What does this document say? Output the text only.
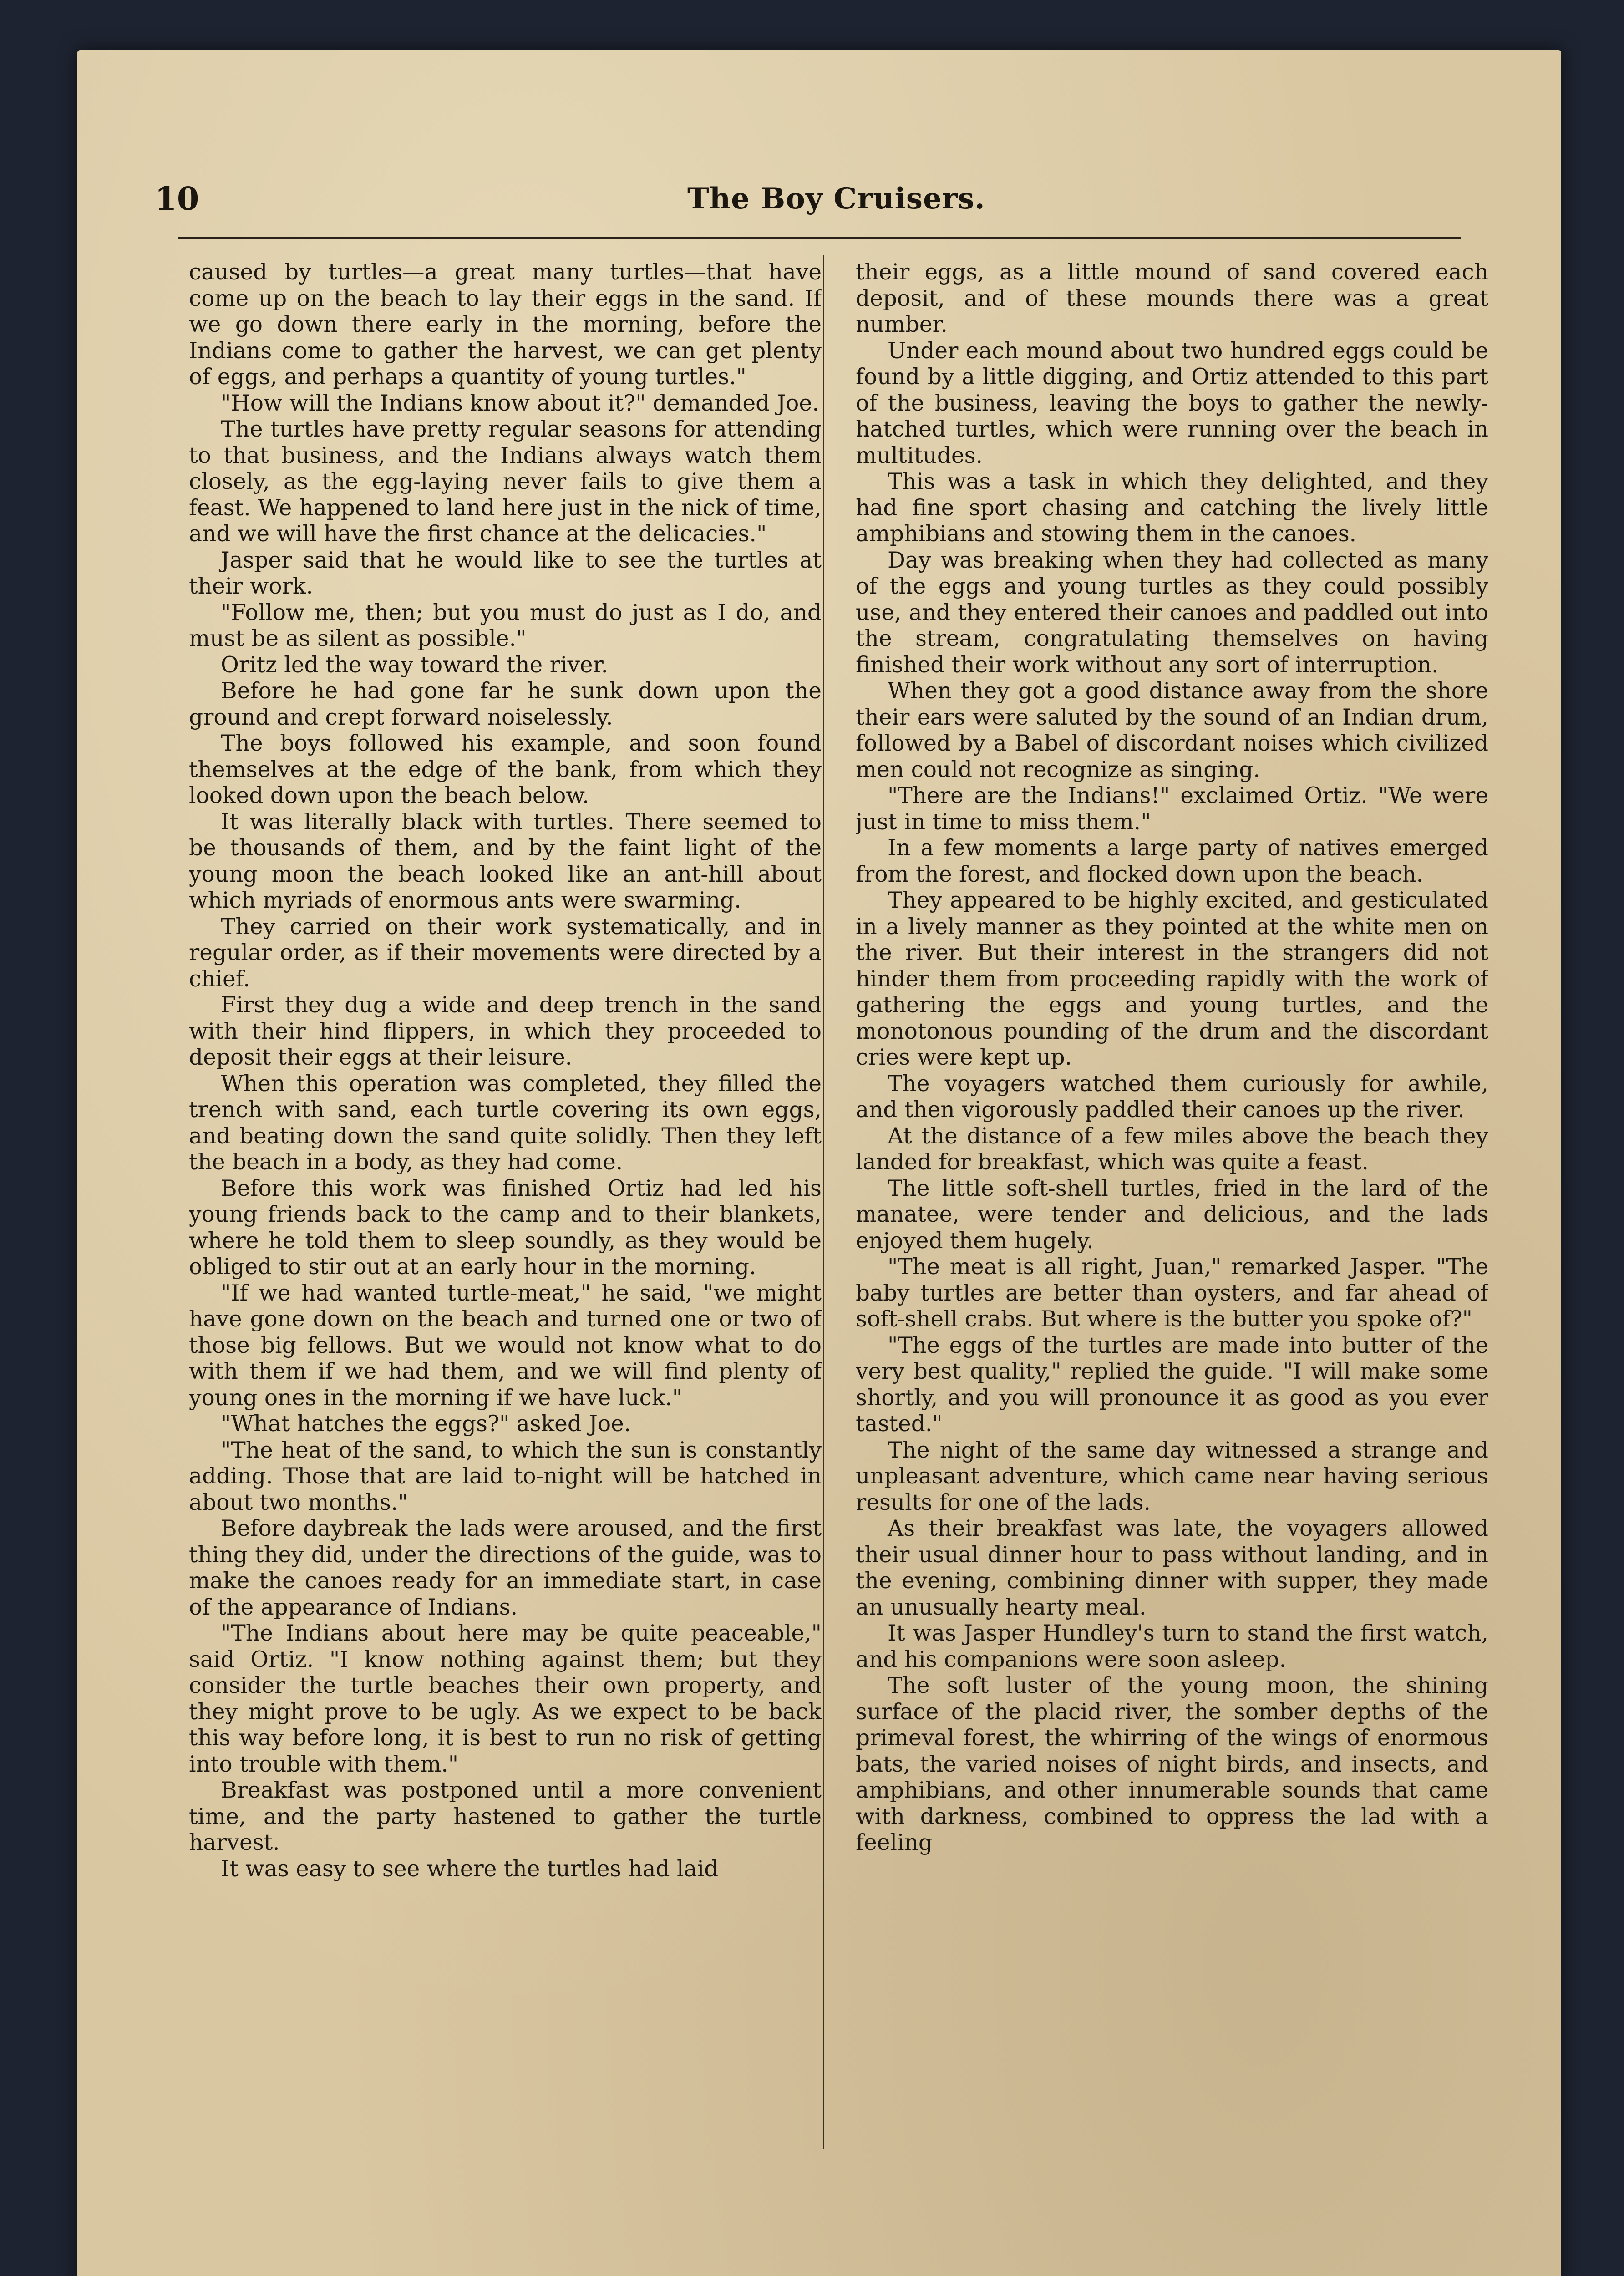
10	The Boy Cruisers.

caused by turtles—a great many turtles—that have come up on the beach to lay their eggs in the sand. If we go down there early in the morning, before the Indians come to gather the harvest, we can get plenty of eggs, and perhaps a quantity of young turtles."

"How will the Indians know about it?" demanded Joe.

The turtles have pretty regular seasons for attending to that business, and the Indians always watch them closely, as the egg-laying never fails to give them a feast. We happened to land here just in the nick of time, and we will have the first chance at the delicacies."

Jasper said that he would like to see the turtles at their work.

"Follow me, then; but you must do just as I do, and must be as silent as possible."

Oritz led the way toward the river.

Before he had gone far he sunk down upon the ground and crept forward noiselessly.

The boys followed his example, and soon found themselves at the edge of the bank, from which they looked down upon the beach below.

It was literally black with turtles. There seemed to be thousands of them, and by the faint light of the young moon the beach looked like an ant-hill about which myriads of enormous ants were swarming.

They carried on their work systematically, and in regular order, as if their movements were directed by a chief.

First they dug a wide and deep trench in the sand with their hind flippers, in which they proceeded to deposit their eggs at their leisure.

When this operation was completed, they filled the trench with sand, each turtle covering its own eggs, and beating down the sand quite solidly. Then they left the beach in a body, as they had come.

Before this work was finished Ortiz had led his young friends back to the camp and to their blankets, where he told them to sleep soundly, as they would be obliged to stir out at an early hour in the morning.

"If we had wanted turtle-meat," he said, "we might have gone down on the beach and turned one or two of those big fellows. But we would not know what to do with them if we had them, and we will find plenty of young ones in the morning if we have luck."

"What hatches the eggs?" asked Joe.

"The heat of the sand, to which the sun is constantly adding. Those that are laid to-night will be hatched in about two months."

Before daybreak the lads were aroused, and the first thing they did, under the directions of the guide, was to make the canoes ready for an immediate start, in case of the appearance of Indians.

"The Indians about here may be quite peaceable," said Ortiz. "I know nothing against them; but they consider the turtle beaches their own property, and they might prove to be ugly. As we expect to be back this way before long, it is best to run no risk of getting into trouble with them."

Breakfast was postponed until a more convenient time, and the party hastened to gather the turtle harvest.

It was easy to see where the turtles had laid

their eggs, as a little mound of sand covered each deposit, and of these mounds there was a great number.

Under each mound about two hundred eggs could be found by a little digging, and Ortiz attended to this part of the business, leaving the boys to gather the newly-hatched turtles, which were running over the beach in multitudes.

This was a task in which they delighted, and they had fine sport chasing and catching the lively little amphibians and stowing them in the canoes.

Day was breaking when they had collected as many of the eggs and young turtles as they could possibly use, and they entered their canoes and paddled out into the stream, congratulating themselves on having finished their work without any sort of interruption.

When they got a good distance away from the shore their ears were saluted by the sound of an Indian drum, followed by a Babel of discordant noises which civilized men could not recognize as singing.

"There are the Indians!" exclaimed Ortiz. "We were just in time to miss them."

In a few moments a large party of natives emerged from the forest, and flocked down upon the beach.

They appeared to be highly excited, and gesticulated in a lively manner as they pointed at the white men on the river. But their interest in the strangers did not hinder them from proceeding rapidly with the work of gathering the eggs and young turtles, and the monotonous pounding of the drum and the discordant cries were kept up.

The voyagers watched them curiously for awhile, and then vigorously paddled their canoes up the river.

At the distance of a few miles above the beach they landed for breakfast, which was quite a feast.

The little soft-shell turtles, fried in the lard of the manatee, were tender and delicious, and the lads enjoyed them hugely.

"The meat is all right, Juan," remarked Jasper. "The baby turtles are better than oysters, and far ahead of soft-shell crabs. But where is the butter you spoke of?"

"The eggs of the turtles are made into butter of the very best quality," replied the guide. "I will make some shortly, and you will pronounce it as good as you ever tasted."

The night of the same day witnessed a strange and unpleasant adventure, which came near having serious results for one of the lads.

As their breakfast was late, the voyagers allowed their usual dinner hour to pass without landing, and in the evening, combining dinner with supper, they made an unusually hearty meal.

It was Jasper Hundley's turn to stand the first watch, and his companions were soon asleep.

The soft luster of the young moon, the shining surface of the placid river, the somber depths of the primeval forest, the whirring of the wings of enormous bats, the varied noises of night birds, and insects, and amphibians, and other innumerable sounds that came with darkness, combined to oppress the lad with a feeling
